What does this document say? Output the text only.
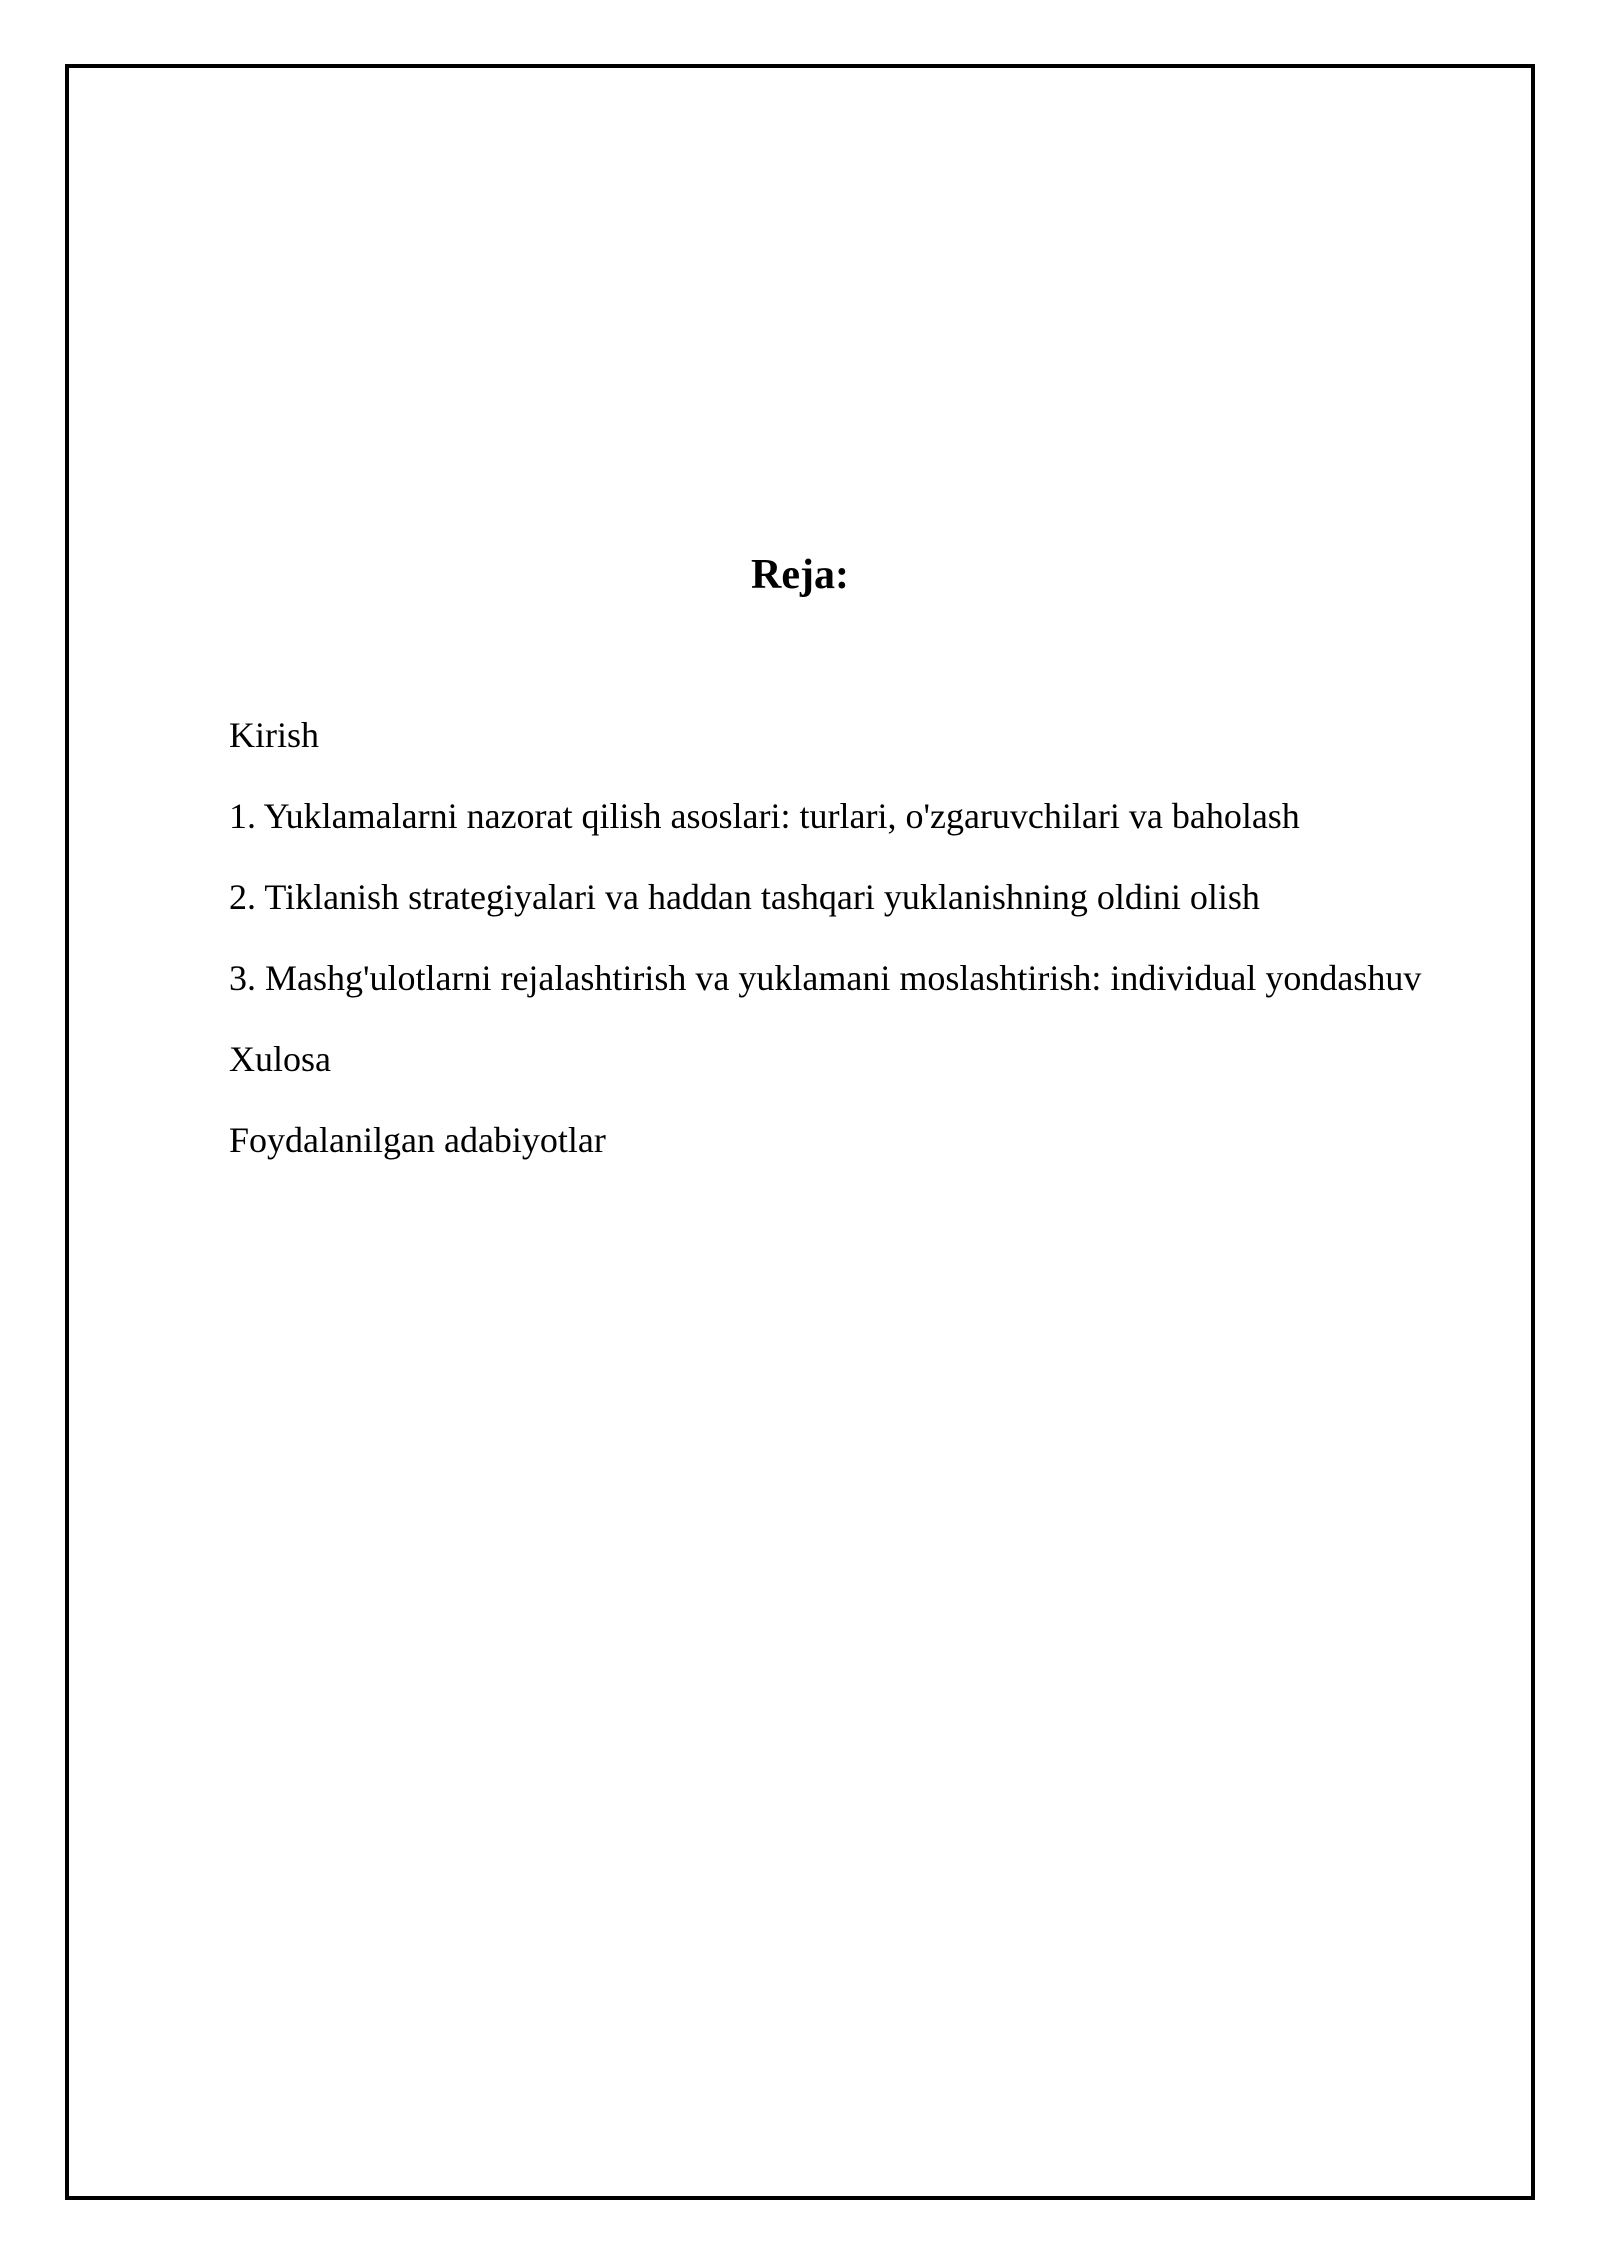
Reja:
Kirish
1. Yuklamalarni nazorat qilish asoslari: turlari, o'zgaruvchilari va baholash
2. Tiklanish strategiyalari va haddan tashqari yuklanishning oldini olish
3. Mashg'ulotlarni rejalashtirish va yuklamani moslashtirish: individual yondashuv
Xulosa
Foydalanilgan adabiyotlar
